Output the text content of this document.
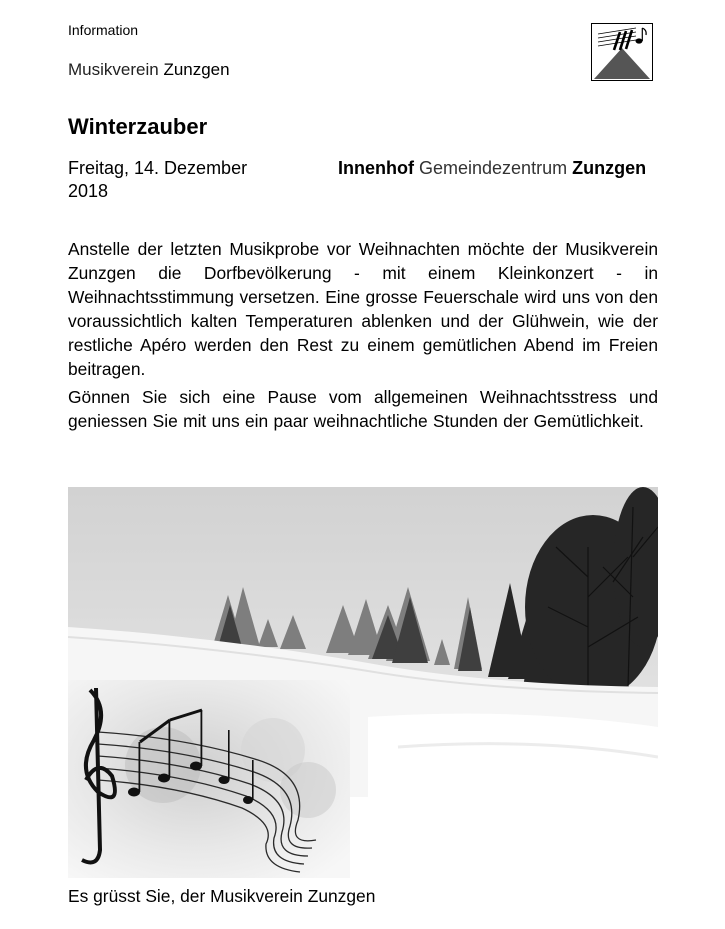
Information
Musikverein Zunzgen
Winterzauber
Freitag, 14. Dezember 2018
Innenhof Gemeindezentrum Zunzgen

Anstelle der letzten Musikprobe vor Weihnachten möchte der Musikverein Zunzgen die Dorfbevölkerung - mit einem Kleinkonzert - in Weihnachtsstimmung versetzen. Eine grosse Feuerschale wird uns von den voraussichtlich kalten Temperaturen ablenken und der Glühwein, wie der restliche Apéro werden den Rest zu einem gemütlichen Abend im Freien beitragen.

Gönnen Sie sich eine Pause vom allgemeinen Weihnachtsstress und geniessen Sie mit uns ein paar weihnachtliche Stunden der Gemütlichkeit.

Es grüsst Sie, der Musikverein Zunzgen
